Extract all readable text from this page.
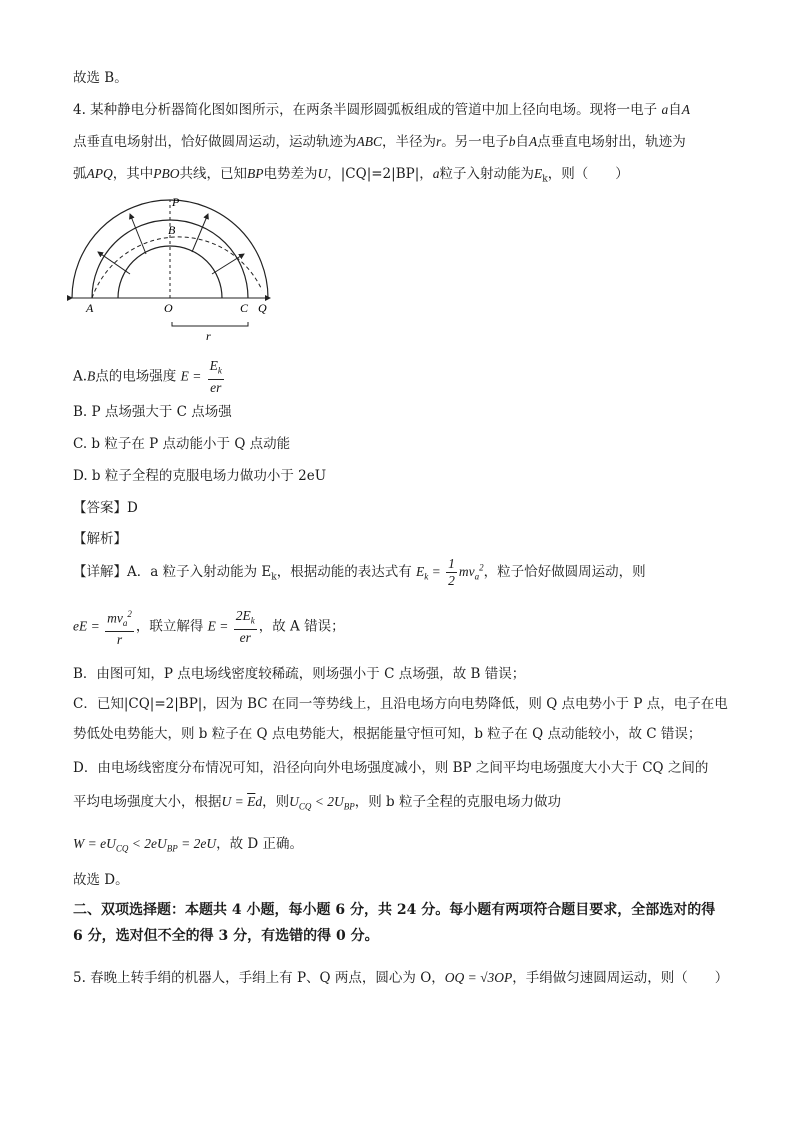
故选 B。
4. 某种静电分析器简化图如图所示，在两条半圆形圆弧板组成的管道中加上径向电场。现将一电子 a自A
点垂直电场射出，恰好做圆周运动，运动轨迹为ABC，半径为r。另一电子b自A点垂直电场射出，轨迹为
弧APQ，其中PBO共线，已知BP电势差为U，|CQ|=2|BP|，a粒子入射动能为$E_k$，则（　　）
P
B
A	O	C Q
r
A.B点的电场强度 $E = \frac{E_k}{er}$
B. P 点场强大于 C 点场强
C. b 粒子在 P 点动能小于 Q 点动能
D. b 粒子全程的克服电场力做功小于 2eU
【答案】D
【解析】
【详解】A．a 粒子入射动能为 $E_k$，根据动能的表达式有 $E_k = \frac{1}{2} mv_a^2$，粒子恰好做圆周运动，则
eE = $\frac{mv_a^2}{r}$ ，联立解得 $E = \frac{2E_k}{er}$ ，故 A 错误；
B．由图可知，P 点电场线密度较稀疏，则场强小于 C 点场强，故 B 错误；
C．已知|CQ|=2|BP|，因为 BC 在同一等势线上，且沿电场方向电势降低，则 Q 点电势小于 P 点，电子在电
势低处电势能大，则 b 粒子在 Q 点电势能大，根据能量守恒可知，b 粒子在 Q 点动能较小，故 C 错误；
D．由电场线密度分布情况可知，沿径向向外电场强度减小，则 BP 之间平均电场强度大小大于 CQ 之间的
平均电场强度大小，根据$U = \overline{E}d$，则$U_{CQ} < 2U_{BP}$，则 b 粒子全程的克服电场力做功
$W = eU_{CQ} < 2eU_{BP} = 2eU$，故 D 正确。
故选 D。
二、双项选择题：本题共 4 小题，每小题 6 分，共 24 分。每小题有两项符合题目要求，全部选对的得 6 分，选对但不全的得 3 分，有选错的得 0 分。
5. 春晚上转手绢的机器人，手绢上有 P、Q 两点，圆心为 O，OQ = √3OP，手绢做匀速圆周运动，则（　　）
